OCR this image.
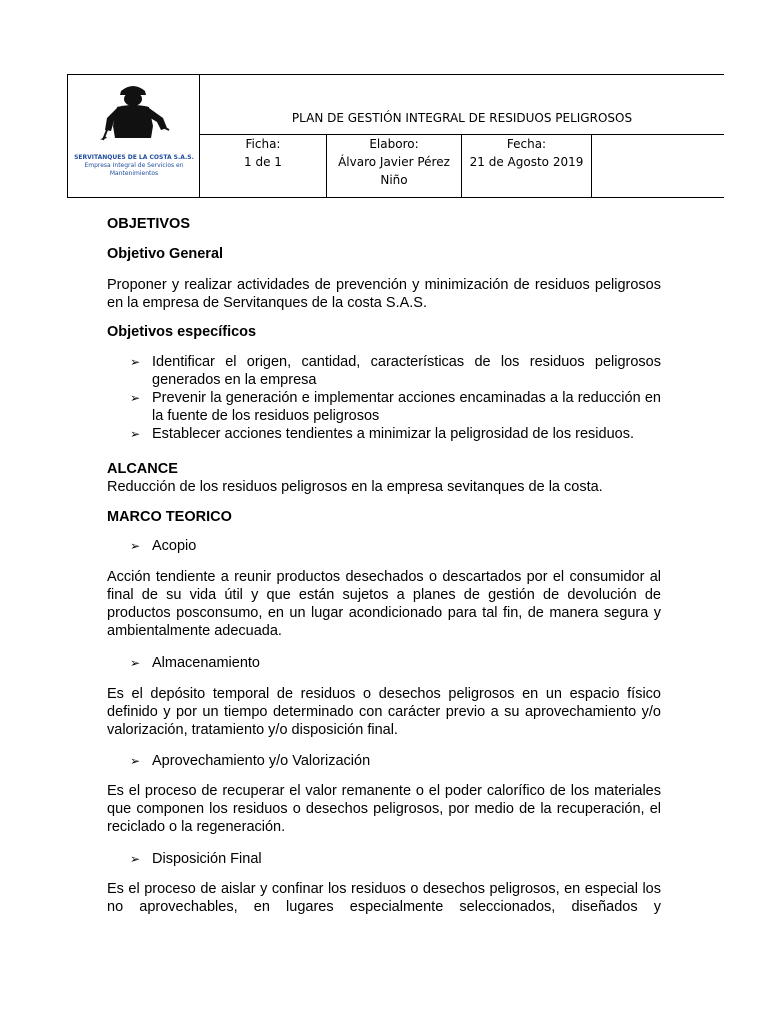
SERVITANQUES DE LA COSTA S.A.S.
Empresa Integral de Servicios en
Mantenimientos
PLAN DE GESTIÓN INTEGRAL DE RESIDUOS PELIGROSOS
Ficha:
1 de 1
Elaboro:
Álvaro Javier Pérez
Niño
Fecha:
21 de Agosto 2019
OBJETIVOS
Objetivo General
Proponer y realizar actividades de prevención y minimización de residuos peligrosos en la empresa de Servitanques de la costa S.A.S.
Objetivos específicos
➢ Identificar el origen, cantidad, características de los residuos peligrosos generados en la empresa
➢ Prevenir la generación e implementar acciones encaminadas a la reducción en la fuente de los residuos peligrosos
➢ Establecer acciones tendientes a minimizar la peligrosidad de los residuos.
ALCANCE
Reducción de los residuos peligrosos en la empresa sevitanques de la costa.
MARCO TEORICO
➢ Acopio
Acción tendiente a reunir productos desechados o descartados por el consumidor al final de su vida útil y que están sujetos a planes de gestión de devolución de productos posconsumo, en un lugar acondicionado para tal fin, de manera segura y ambientalmente adecuada.
➢ Almacenamiento
Es el depósito temporal de residuos o desechos peligrosos en un espacio físico definido y por un tiempo determinado con carácter previo a su aprovechamiento y/o valorización, tratamiento y/o disposición final.
➢ Aprovechamiento y/o Valorización
Es el proceso de recuperar el valor remanente o el poder calorífico de los materiales que componen los residuos o desechos peligrosos, por medio de la recuperación, el reciclado o la regeneración.
➢ Disposición Final
Es el proceso de aislar y confinar los residuos o desechos peligrosos, en especial los no aprovechables, en lugares especialmente seleccionados, diseñados y
